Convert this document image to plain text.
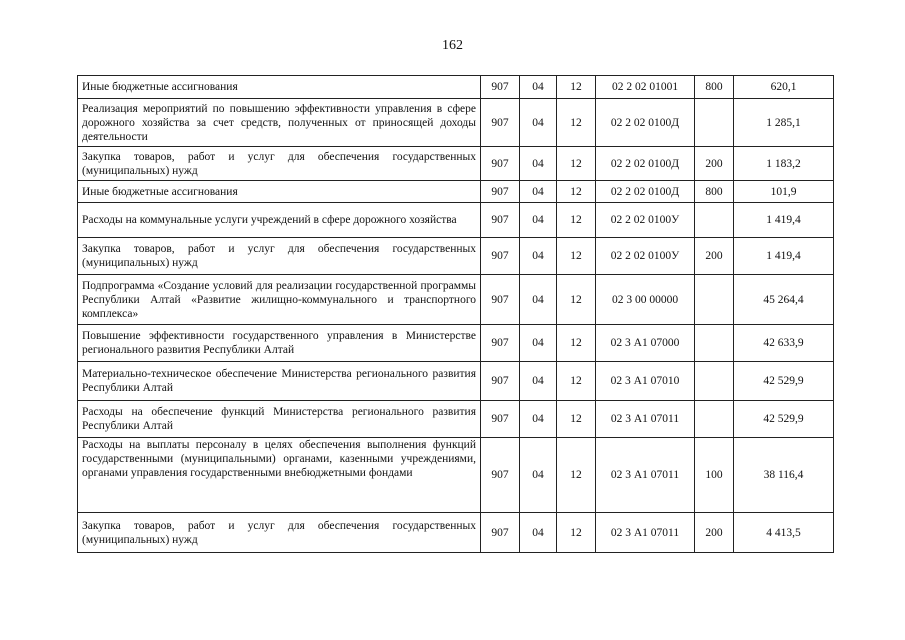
162
Иные бюджетные ассигнования	907	04	12	02 2 02 01001	800	620,1
Реализация мероприятий по повышению эффективности управления в сфере дорожного хозяйства за счет средств, полученных от приносящей доходы деятельности	907	04	12	02 2 02 0100Д		1 285,1
Закупка товаров, работ и услуг для обеспечения государственных (муниципальных) нужд	907	04	12	02 2 02 0100Д	200	1 183,2
Иные бюджетные ассигнования	907	04	12	02 2 02 0100Д	800	101,9
Расходы на коммунальные услуги учреждений в сфере дорожного хозяйства	907	04	12	02 2 02 0100У		1 419,4
Закупка товаров, работ и услуг для обеспечения государственных (муниципальных) нужд	907	04	12	02 2 02 0100У	200	1 419,4
Подпрограмма «Создание условий для реализации государственной программы Республики Алтай «Развитие жилищно-коммунального и транспортного комплекса»	907	04	12	02 3 00 00000		45 264,4
Повышение эффективности государственного управления в Министерстве регионального развития Республики Алтай	907	04	12	02 3 А1 07000		42 633,9
Материально-техническое обеспечение Министерства регионального развития Республики Алтай	907	04	12	02 3 А1 07010		42 529,9
Расходы на обеспечение функций Министерства регионального развития Республики Алтай	907	04	12	02 3 А1 07011		42 529,9
Расходы на выплаты персоналу в целях обеспечения выполнения функций государственными (муниципальными) органами, казенными учреждениями, органами управления государственными внебюджетными фондами	907	04	12	02 3 А1 07011	100	38 116,4
Закупка товаров, работ и услуг для обеспечения государственных (муниципальных) нужд	907	04	12	02 3 А1 07011	200	4 413,5
